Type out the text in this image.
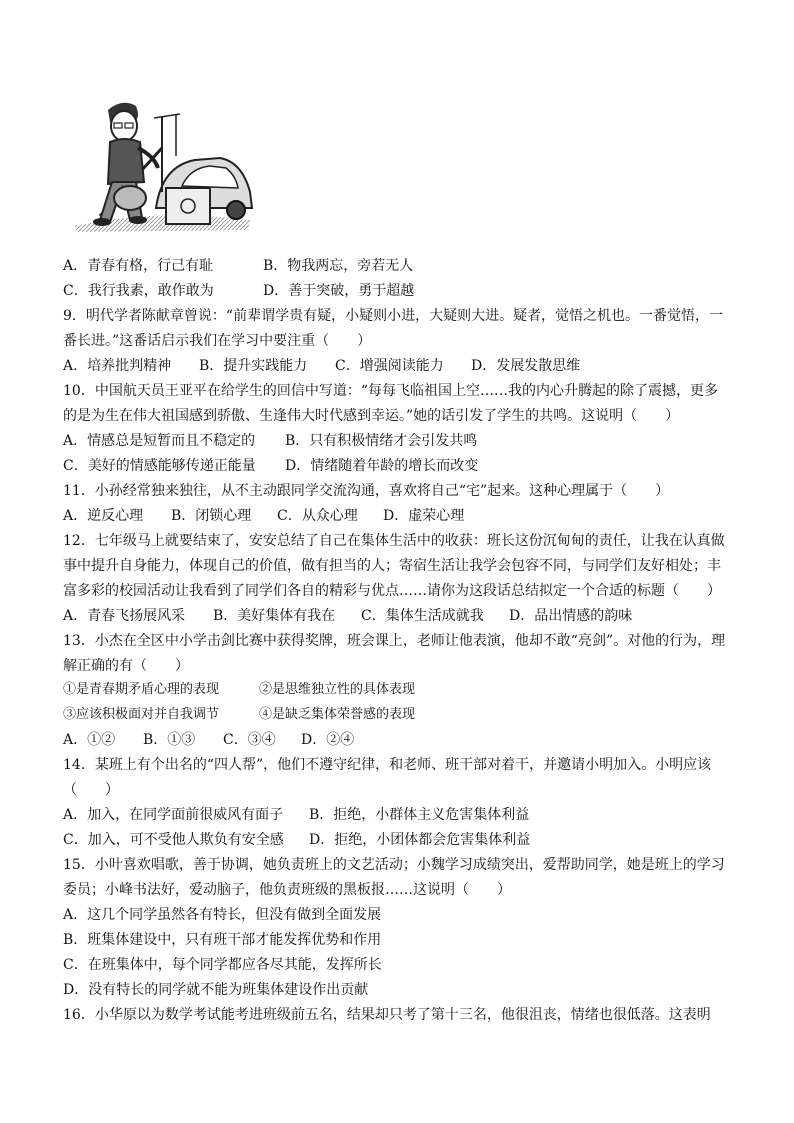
A．青春有格，行己有耻	B．物我两忘，旁若无人
C．我行我素，敢作敢为	D．善于突破，勇于超越
9．明代学者陈献章曾说：“前辈谓学贵有疑，小疑则小进，大疑则大进。疑者，觉悟之机也。一番觉悟，一
番长进。”这番话启示我们在学习中要注重（　　）
A．培养批判精神 B．提升实践能力 C．增强阅读能力 D．发展发散思维
10．中国航天员王亚平在给学生的回信中写道：“每每飞临祖国上空……我的内心升腾起的除了震撼，更多
的是为生在伟大祖国感到骄傲、生逢伟大时代感到幸运。”她的话引发了学生的共鸣。这说明（　　）
A．情感总是短暂而且不稳定的 B．只有积极情绪才会引发共鸣
C．美好的情感能够传递正能量 D．情绪随着年龄的增长而改变
11．小孙经常独来独往，从不主动跟同学交流沟通，喜欢将自己“宅”起来。这种心理属于（　　）
A．逆反心理 B．闭锁心理 C．从众心理 D．虚荣心理
12．七年级马上就要结束了，安安总结了自己在集体生活中的收获：班长这份沉甸甸的责任，让我在认真做
事中提升自身能力，体现自己的价值，做有担当的人；寄宿生活让我学会包容不同，与同学们友好相处；丰
富多彩的校园活动让我看到了同学们各自的精彩与优点……请你为这段话总结拟定一个合适的标题（　　）
A．青春飞扬展风采 B．美好集体有我在 C．集体生活成就我 D．品出情感的韵味
13．小杰在全区中小学击剑比赛中获得奖牌，班会课上，老师让他表演，他却不敢“亮剑”。对他的行为，理
解正确的有（　　）
①是青春期矛盾心理的表现	②是思维独立性的具体表现
③应该积极面对并自我调节	④是缺乏集体荣誉感的表现
A．①② B．①③ C．③④ D．②④
14．某班上有个出名的“四人帮”，他们不遵守纪律，和老师、班干部对着干，并邀请小明加入。小明应该
（　　）
A．加入，在同学面前很威风有面子 B．拒绝，小群体主义危害集体利益
C．加入，可不受他人欺负有安全感 D．拒绝，小团体都会危害集体利益
15．小叶喜欢唱歌，善于协调，她负责班上的文艺活动；小魏学习成绩突出，爱帮助同学，她是班上的学习
委员；小峰书法好，爱动脑子，他负责班级的黑板报……这说明（　　）
A．这几个同学虽然各有特长，但没有做到全面发展
B．班集体建设中，只有班干部才能发挥优势和作用
C．在班集体中，每个同学都应各尽其能，发挥所长
D．没有特长的同学就不能为班集体建设作出贡献
16．小华原以为数学考试能考进班级前五名，结果却只考了第十三名，他很沮丧，情绪也很低落。这表明
